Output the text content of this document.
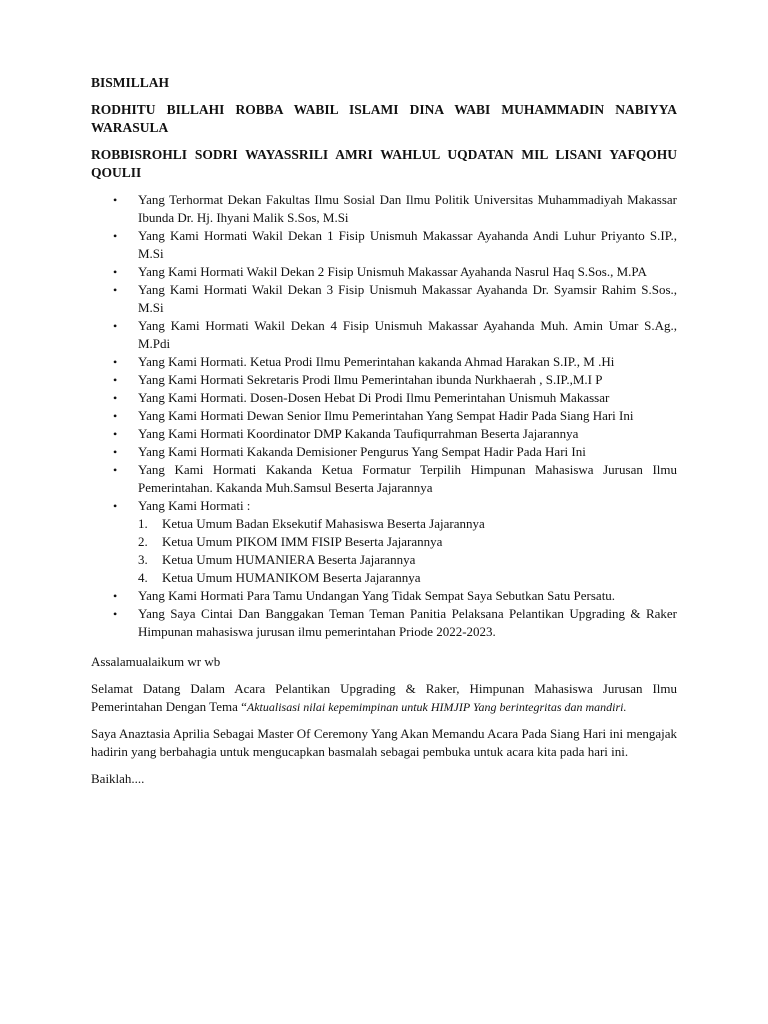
BISMILLAH

RODHITU BILLAHI ROBBA WABIL ISLAMI DINA WABI MUHAMMADIN NABIYYA WARASULA

ROBBISROHLI SODRI WAYASSRILI AMRI WAHLUL UQDATAN MIL LISANI YAFQOHU QOULII

• Yang Terhormat Dekan Fakultas Ilmu Sosial Dan Ilmu Politik Universitas Muhammadiyah Makassar Ibunda Dr. Hj. Ihyani Malik S.Sos, M.Si
• Yang Kami Hormati Wakil Dekan 1 Fisip Unismuh Makassar Ayahanda Andi Luhur Priyanto S.IP., M.Si
• Yang Kami Hormati Wakil Dekan 2 Fisip Unismuh Makassar Ayahanda Nasrul Haq S.Sos., M.PA
• Yang Kami Hormati Wakil Dekan 3 Fisip Unismuh Makassar Ayahanda Dr. Syamsir Rahim S.Sos., M.Si
• Yang Kami Hormati Wakil Dekan 4 Fisip Unismuh Makassar Ayahanda Muh. Amin Umar S.Ag., M.Pdi
• Yang Kami Hormati. Ketua Prodi Ilmu Pemerintahan kakanda Ahmad Harakan S.IP., M .Hi
• Yang Kami Hormati Sekretaris Prodi Ilmu Pemerintahan ibunda Nurkhaerah , S.IP.,M.I P
• Yang Kami Hormati. Dosen-Dosen Hebat Di Prodi Ilmu Pemerintahan Unismuh Makassar
• Yang Kami Hormati Dewan Senior Ilmu Pemerintahan Yang Sempat Hadir Pada Siang Hari Ini
• Yang Kami Hormati Koordinator DMP Kakanda Taufiqurrahman Beserta Jajarannya
• Yang Kami Hormati Kakanda Demisioner Pengurus Yang Sempat Hadir Pada Hari Ini
• Yang Kami Hormati Kakanda Ketua Formatur Terpilih Himpunan Mahasiswa Jurusan Ilmu Pemerintahan. Kakanda Muh.Samsul Beserta Jajarannya
• Yang Kami Hormati :
1. Ketua Umum Badan Eksekutif Mahasiswa Beserta Jajarannya
2. Ketua Umum PIKOM IMM FISIP Beserta Jajarannya
3. Ketua Umum HUMANIERA Beserta Jajarannya
4. Ketua Umum HUMANIKOM Beserta Jajarannya
• Yang Kami Hormati Para Tamu Undangan Yang Tidak Sempat Saya Sebutkan Satu Persatu.
• Yang Saya Cintai Dan Banggakan Teman Teman Panitia Pelaksana Pelantikan Upgrading & Raker Himpunan mahasiswa jurusan ilmu pemerintahan Priode 2022-2023.

Assalamualaikum wr wb

Selamat Datang Dalam Acara Pelantikan Upgrading & Raker, Himpunan Mahasiswa Jurusan Ilmu Pemerintahan Dengan Tema “Aktualisasi nilai kepemimpinan untuk HIMJIP Yang berintegritas dan mandiri.

Saya Anaztasia Aprilia Sebagai Master Of Ceremony Yang Akan Memandu Acara Pada Siang Hari ini mengajak hadirin yang berbahagia untuk mengucapkan basmalah sebagai pembuka untuk acara kita pada hari ini.

Baiklah....
